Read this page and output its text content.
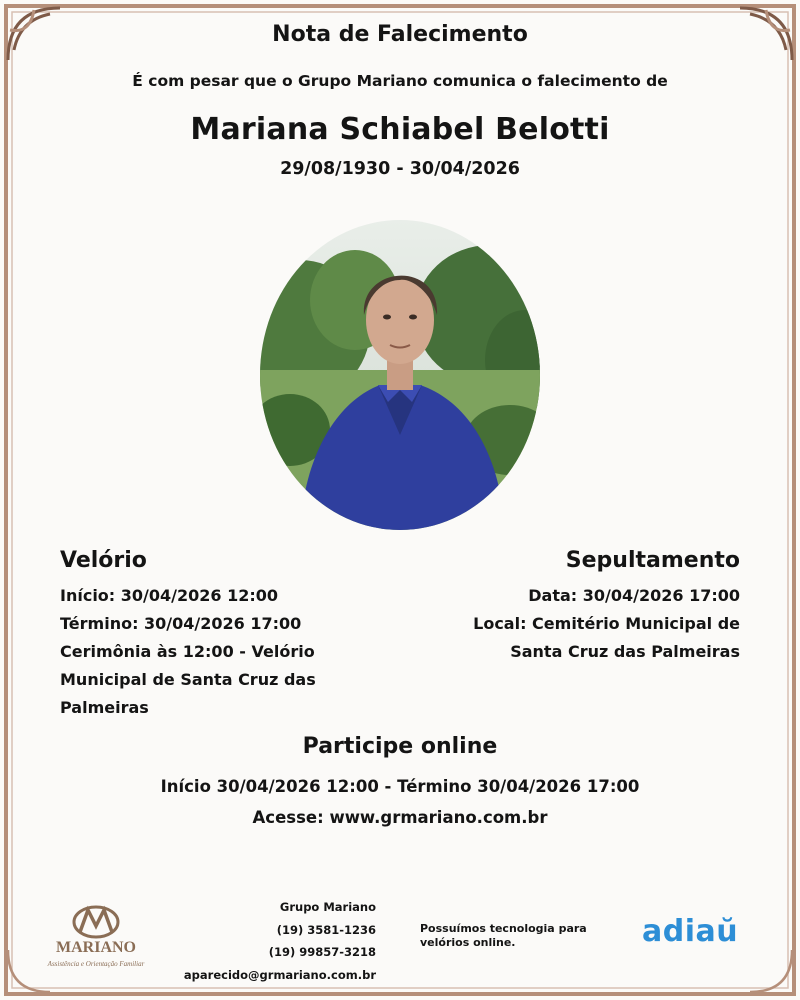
Nota de Falecimento
É com pesar que o Grupo Mariano comunica o falecimento de
Mariana Schiabel Belotti
29/08/1930 - 30/04/2026
Velório

Início: 30/04/2026 12:00

Término: 30/04/2026 17:00

Cerimônia às 12:00 - Velório

Municipal de Santa Cruz das

Palmeiras

Sepultamento

Data: 30/04/2026 17:00

Local: Cemitério Municipal de

Santa Cruz das Palmeiras

Participe online
Início 30/04/2026 12:00 - Término 30/04/2026 17:00
Acesse: www.grmariano.com.br
MARIANO
Assistência e Orientação Familiar
Grupo Mariano
(19) 3581-1236
(19) 99857-3218
aparecido@grmariano.com.br
Possuímos tecnologia para
velórios online.	adiaŭ
